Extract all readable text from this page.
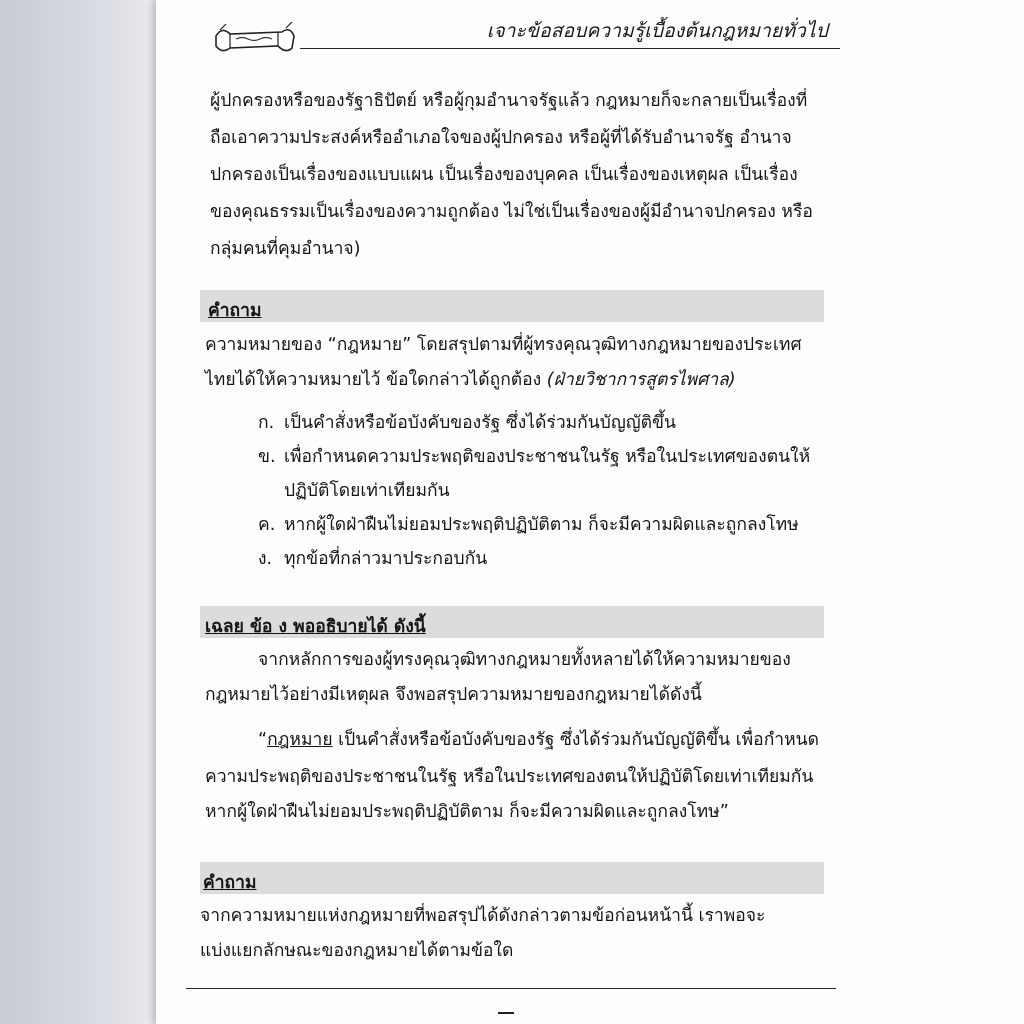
เจาะข้อสอบความรู้เบื้องต้นกฎหมายทั่วไป

ผู้ปกครองหรือของรัฐาธิปัตย์ หรือผู้กุมอำนาจรัฐแล้ว กฎหมายก็จะกลายเป็นเรื่องที่

ถือเอาความประสงค์หรืออำเภอใจของผู้ปกครอง หรือผู้ที่ได้รับอำนาจรัฐ อำนาจ

ปกครองเป็นเรื่องของแบบแผน เป็นเรื่องของบุคคล เป็นเรื่องของเหตุผล เป็นเรื่อง

ของคุณธรรมเป็นเรื่องของความถูกต้อง ไม่ใช่เป็นเรื่องของผู้มีอำนาจปกครอง หรือ

กลุ่มคนที่คุมอำนาจ)

คำถาม

ความหมายของ “กฎหมาย” โดยสรุปตามที่ผู้ทรงคุณวุฒิทางกฎหมายของประเทศ

ไทยได้ให้ความหมายไว้ ข้อใดกล่าวได้ถูกต้อง (ฝ่ายวิชาการสูตรไพศาล)

ก. เป็นคำสั่งหรือข้อบังคับของรัฐ ซึ่งได้ร่วมกันบัญญัติขึ้น
ข. เพื่อกำหนดความประพฤติของประชาชนในรัฐ หรือในประเทศของตนให้
ปฏิบัติโดยเท่าเทียมกัน
ค. หากผู้ใดฝ่าฝืนไม่ยอมประพฤติปฏิบัติตาม ก็จะมีความผิดและถูกลงโทษ
ง. ทุกข้อที่กล่าวมาประกอบกัน
เฉลย ข้อ ง พออธิบายได้ ดังนี้

จากหลักการของผู้ทรงคุณวุฒิทางกฎหมายทั้งหลายได้ให้ความหมายของ

กฎหมายไว้อย่างมีเหตุผล จึงพอสรุปความหมายของกฎหมายได้ดังนี้

“กฎหมาย เป็นคำสั่งหรือข้อบังคับของรัฐ ซึ่งได้ร่วมกันบัญญัติขึ้น เพื่อกำหนด

ความประพฤติของประชาชนในรัฐ หรือในประเทศของตนให้ปฏิบัติโดยเท่าเทียมกัน

หากผู้ใดฝ่าฝืนไม่ยอมประพฤติปฏิบัติตาม ก็จะมีความผิดและถูกลงโทษ”

คำถาม

จากความหมายแห่งกฎหมายที่พอสรุปได้ดังกล่าวตามข้อก่อนหน้านี้ เราพอจะ

แบ่งแยกลักษณะของกฎหมายได้ตามข้อใด
